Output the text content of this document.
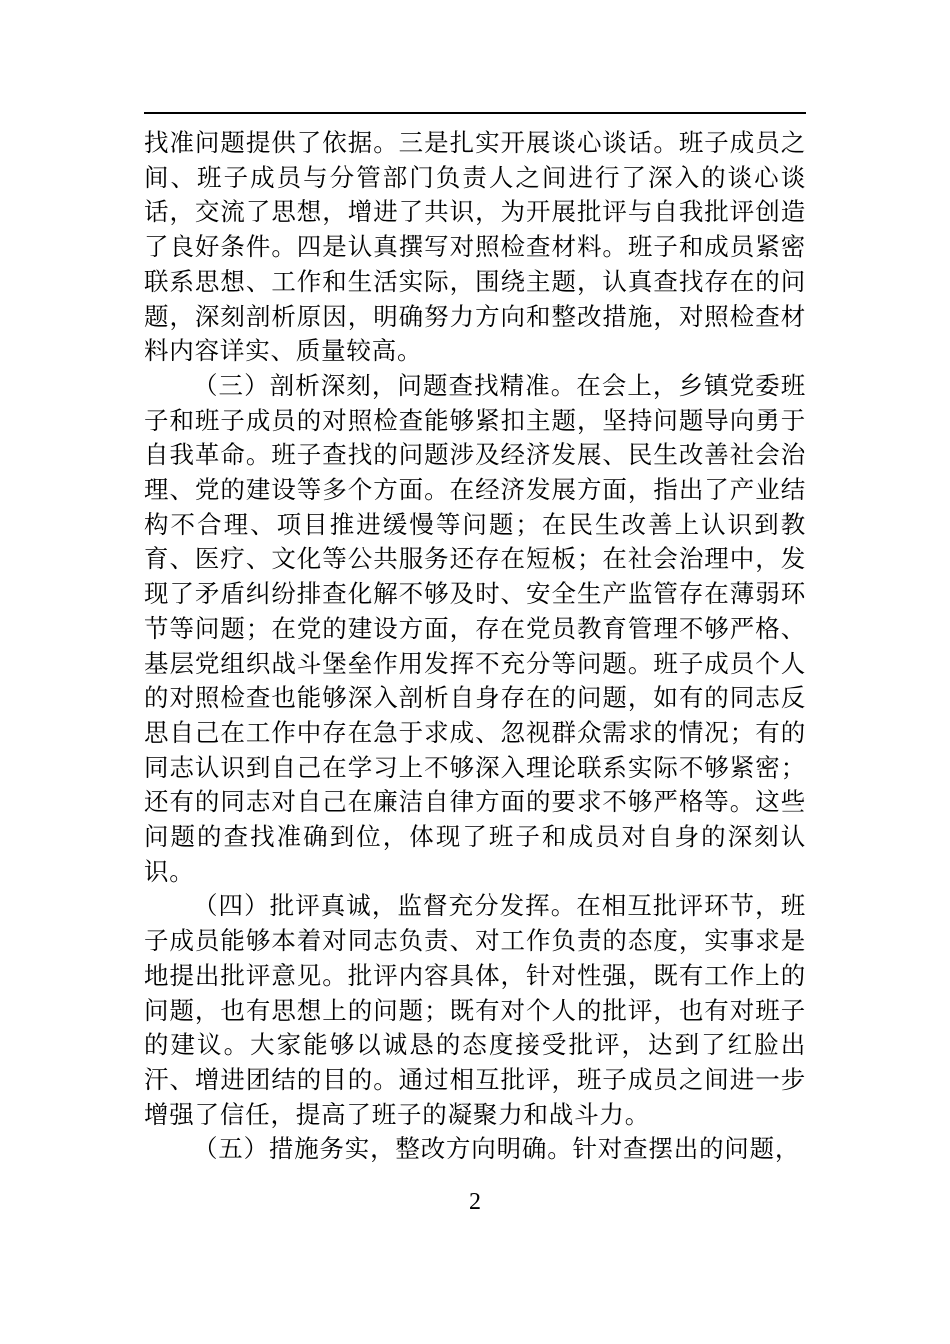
找准问题提供了依据。三是扎实开展谈心谈话。班子成员之间、班子成员与分管部门负责人之间进行了深入的谈心谈话，交流了思想，增进了共识，为开展批评与自我批评创造了良好条件。四是认真撰写对照检查材料。班子和成员紧密联系思想、工作和生活实际，围绕主题，认真查找存在的问题，深刻剖析原因，明确努力方向和整改措施，对照检查材料内容详实、质量较高。

（三）剖析深刻，问题查找精准。在会上，乡镇党委班子和班子成员的对照检查能够紧扣主题，坚持问题导向勇于自我革命。班子查找的问题涉及经济发展、民生改善社会治理、党的建设等多个方面。在经济发展方面，指出了产业结构不合理、项目推进缓慢等问题；在民生改善上认识到教育、医疗、文化等公共服务还存在短板；在社会治理中，发现了矛盾纠纷排查化解不够及时、安全生产监管存在薄弱环节等问题；在党的建设方面，存在党员教育管理不够严格、基层党组织战斗堡垒作用发挥不充分等问题。班子成员个人的对照检查也能够深入剖析自身存在的问题，如有的同志反思自己在工作中存在急于求成、忽视群众需求的情况；有的同志认识到自己在学习上不够深入理论联系实际不够紧密；还有的同志对自己在廉洁自律方面的要求不够严格等。这些问题的查找准确到位，体现了班子和成员对自身的深刻认识。

（四）批评真诚，监督充分发挥。在相互批评环节，班子成员能够本着对同志负责、对工作负责的态度，实事求是地提出批评意见。批评内容具体，针对性强，既有工作上的问题，也有思想上的问题；既有对个人的批评，也有对班子的建议。大家能够以诚恳的态度接受批评，达到了红脸出汗、增进团结的目的。通过相互批评，班子成员之间进一步增强了信任，提高了班子的凝聚力和战斗力。

（五）措施务实，整改方向明确。针对查摆出的问题，

2
